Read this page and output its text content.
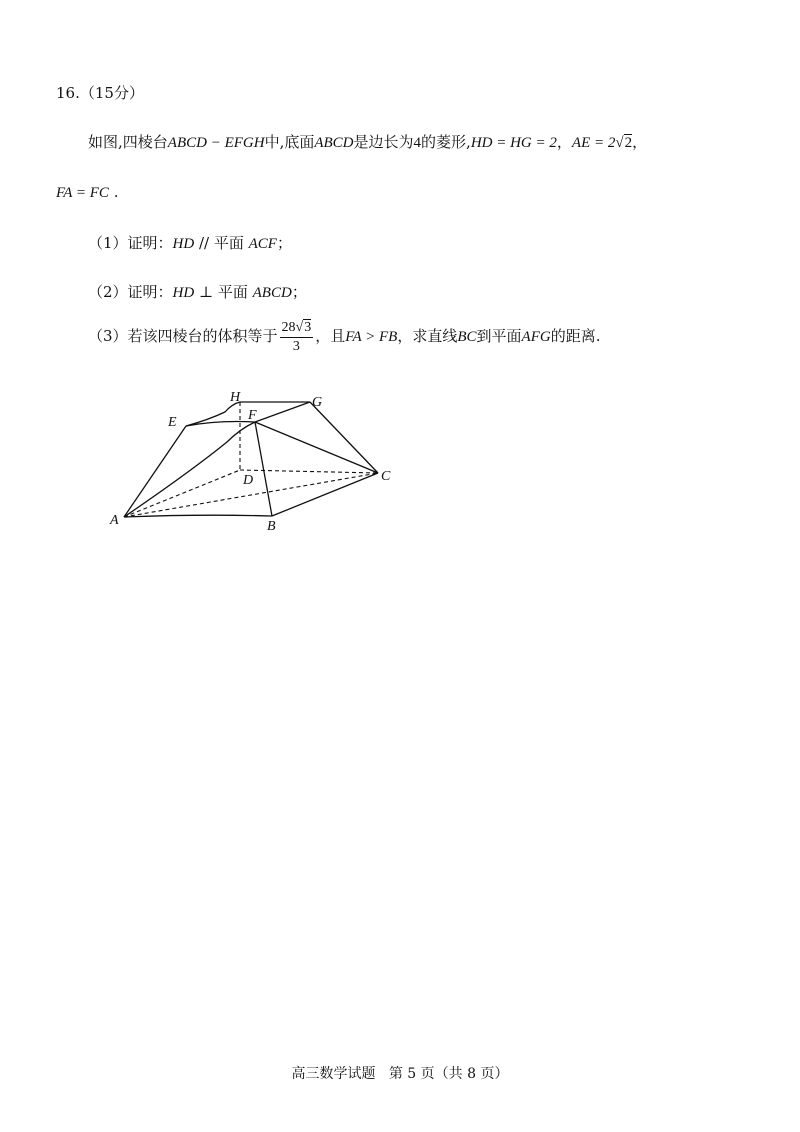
16.（15分）
如图,四棱台ABCD − EFGH中,底面ABCD是边长为4的菱形,HD = HG = 2，AE = 2√2，
FA = FC .
（1）证明：HD // 平面 ACF；
（2）证明：HD ⊥ 平面 ABCD；
（3）若该四棱台的体积等于 $\frac{28√3}{3}$ ，且FA > FB，求直线BC到平面AFG的距离.
A	B
C
D
E	F
G
H
高三数学试题 第 5 页（共 8 页）
